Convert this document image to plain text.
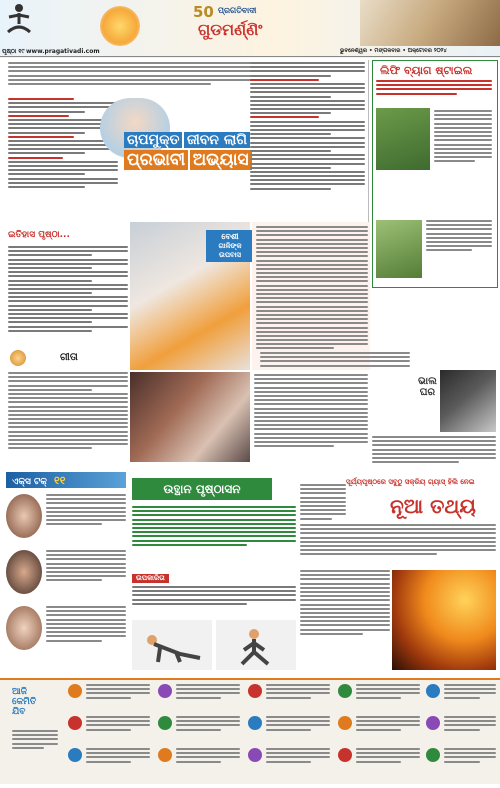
ପୃଷ୍ଠା ୧୯ www.pragativadi.com
50 ପ୍ରଗତିବାଦୀ
ଗୁଡମର୍ଣ୍ଣିଂ
ଭୁବନେଶ୍ୱର • ମଙ୍ଗଳବାର • ଅକ୍ଟୋବର ୨୦୨୪
ଚାପମୁକ୍ତ ଜୀବନ ଲାଗି ପ୍ରଭାବୀ ଅଭ୍ୟାସ
ଲିଫି ବ୍ୟାଗ ଷ୍ଟାଇଲ
ଇତିହାସ ପୃଷ୍ଠା...	ବେଶୀ
ଗାଳିଙ୍କ
ଉପବାସ
ଗୀତା
ଭାଲ
ଘର
ଏକ୍ସ ଟକ୍ ୧୧
ଉତ୍ଥାନ ପୃଷ୍ଠାସନ
ଉପକାରିତା
ସୂର୍ଯ୍ୟପୃଷ୍ଠରେ ସବୁଠୁ ସକ୍ରିୟ ଗ୍ୟାସ୍ ହିଲି ନେଇ
ନୂଆ ତଥ୍ୟ
ଆଜି
କେମିତି
ଯିବ
